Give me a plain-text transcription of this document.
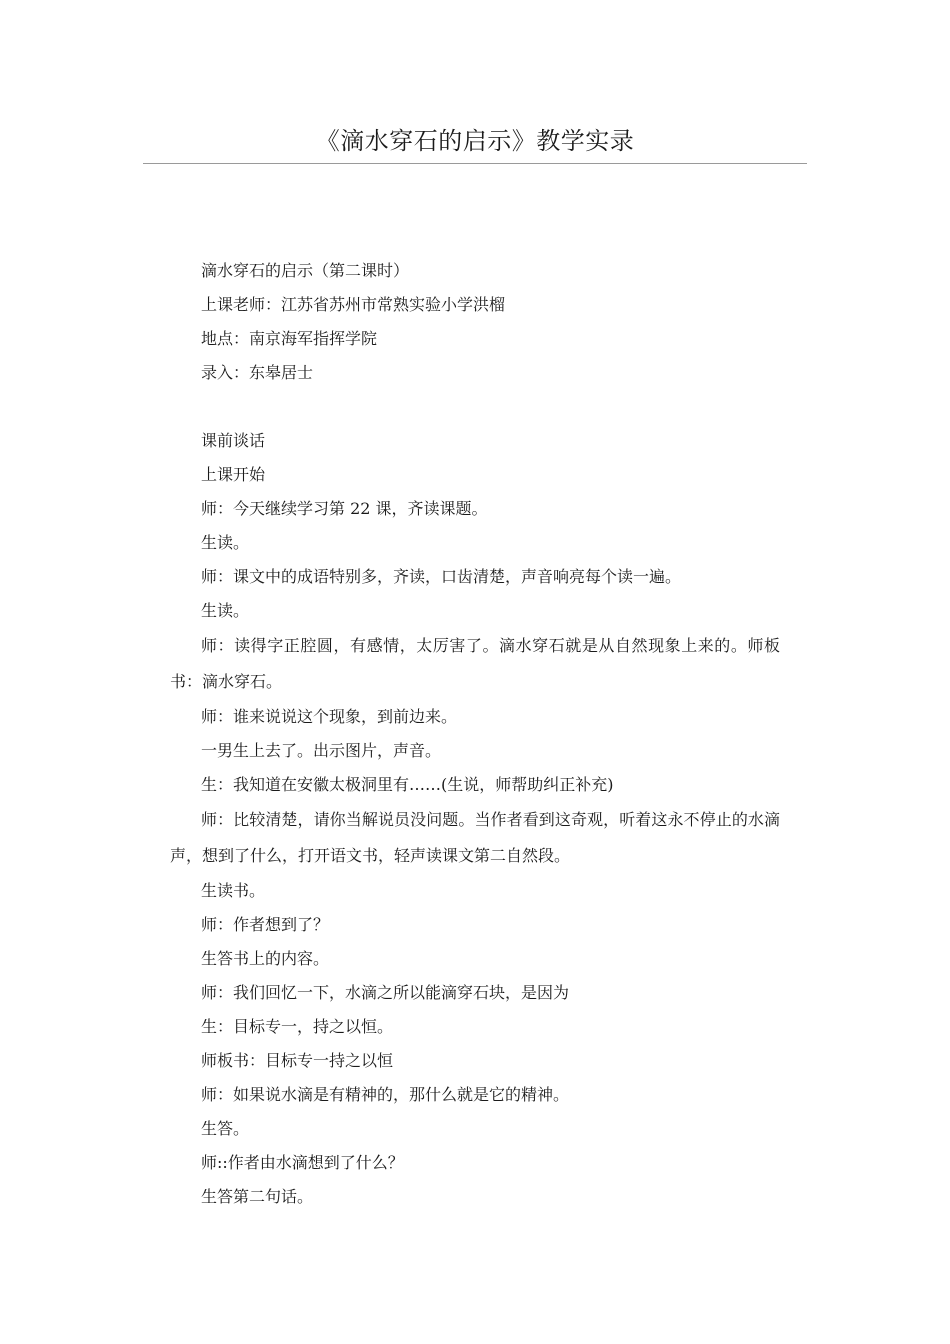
《滴水穿石的启示》教学实录

滴水穿石的启示（第二课时）

上课老师：江苏省苏州市常熟实验小学洪榴

地点：南京海军指挥学院

录入：东皋居士

课前谈话

上课开始

师：今天继续学习第 22 课，齐读课题。

生读。

师：课文中的成语特别多，齐读，口齿清楚，声音响亮每个读一遍。

生读。

师：读得字正腔圆，有感情，太厉害了。滴水穿石就是从自然现象上来的。师板书：滴水穿石。

师：谁来说说这个现象，到前边来。

一男生上去了。出示图片，声音。

生：我知道在安徽太极洞里有……(生说，师帮助纠正补充)

师：比较清楚，请你当解说员没问题。当作者看到这奇观，听着这永不停止的水滴声，想到了什么，打开语文书，轻声读课文第二自然段。

生读书。

师：作者想到了？

生答书上的内容。

师：我们回忆一下，水滴之所以能滴穿石块，是因为

生：目标专一，持之以恒。

师板书：目标专一持之以恒

师：如果说水滴是有精神的，那什么就是它的精神。

生答。

师::作者由水滴想到了什么？

生答第二句话。
